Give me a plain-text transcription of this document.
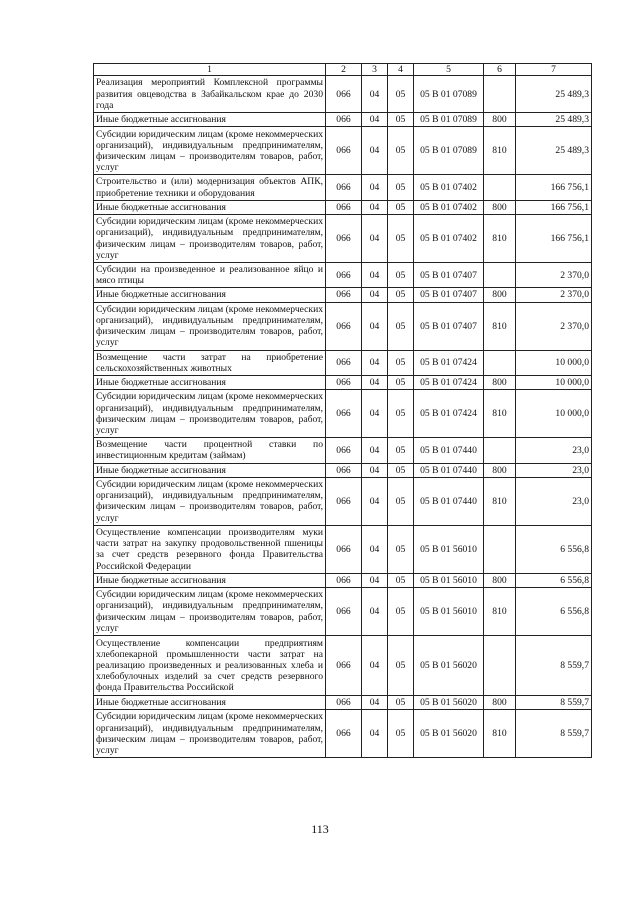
1	2	3	4	5	6	7
Реализация мероприятий Комплексной программы развития овцеводства в Забайкальском крае до 2030 года	066	04	05	05 В 01 07089		25 489,3
Иные бюджетные ассигнования	066	04	05	05 В 01 07089	800	25 489,3
Субсидии юридическим лицам (кроме некоммерческих организаций), индивидуальным предпринимателям, физическим лицам – производителям товаров, работ, услуг	066	04	05	05 В 01 07089	810	25 489,3
Строительство и (или) модернизация объектов АПК, приобретение техники и оборудования	066	04	05	05 В 01 07402		166 756,1
Иные бюджетные ассигнования	066	04	05	05 В 01 07402	800	166 756,1
Субсидии юридическим лицам (кроме некоммерческих организаций), индивидуальным предпринимателям, физическим лицам – производителям товаров, работ, услуг	066	04	05	05 В 01 07402	810	166 756,1
Субсидии на произведенное и реализованное яйцо и мясо птицы	066	04	05	05 В 01 07407		2 370,0
Иные бюджетные ассигнования	066	04	05	05 В 01 07407	800	2 370,0
Субсидии юридическим лицам (кроме некоммерческих организаций), индивидуальным предпринимателям, физическим лицам – производителям товаров, работ, услуг	066	04	05	05 В 01 07407	810	2 370,0
Возмещение части затрат на приобретение сельскохозяйственных животных	066	04	05	05 В 01 07424		10 000,0
Иные бюджетные ассигнования	066	04	05	05 В 01 07424	800	10 000,0
Субсидии юридическим лицам (кроме некоммерческих организаций), индивидуальным предпринимателям, физическим лицам – производителям товаров, работ, услуг	066	04	05	05 В 01 07424	810	10 000,0
Возмещение части процентной ставки по инвестиционным кредитам (займам)	066	04	05	05 В 01 07440		23,0
Иные бюджетные ассигнования	066	04	05	05 В 01 07440	800	23,0
Субсидии юридическим лицам (кроме некоммерческих организаций), индивидуальным предпринимателям, физическим лицам – производителям товаров, работ, услуг	066	04	05	05 В 01 07440	810	23,0
Осуществление компенсации производителям муки части затрат на закупку продовольственной пшеницы за счет средств резервного фонда Правительства Российской Федерации	066	04	05	05 В 01 56010		6 556,8
Иные бюджетные ассигнования	066	04	05	05 В 01 56010	800	6 556,8
Субсидии юридическим лицам (кроме некоммерческих организаций), индивидуальным предпринимателям, физическим лицам – производителям товаров, работ, услуг	066	04	05	05 В 01 56010	810	6 556,8
Осуществление компенсации предприятиям хлебопекарной промышленности части затрат на реализацию произведенных и реализованных хлеба и хлебобулочных изделий за счет средств резервного фонда Правительства Российской	066	04	05	05 В 01 56020		8 559,7
Иные бюджетные ассигнования	066	04	05	05 В 01 56020	800	8 559,7
Субсидии юридическим лицам (кроме некоммерческих организаций), индивидуальным предпринимателям, физическим лицам – производителям товаров, работ, услуг	066	04	05	05 В 01 56020	810	8 559,7
113
